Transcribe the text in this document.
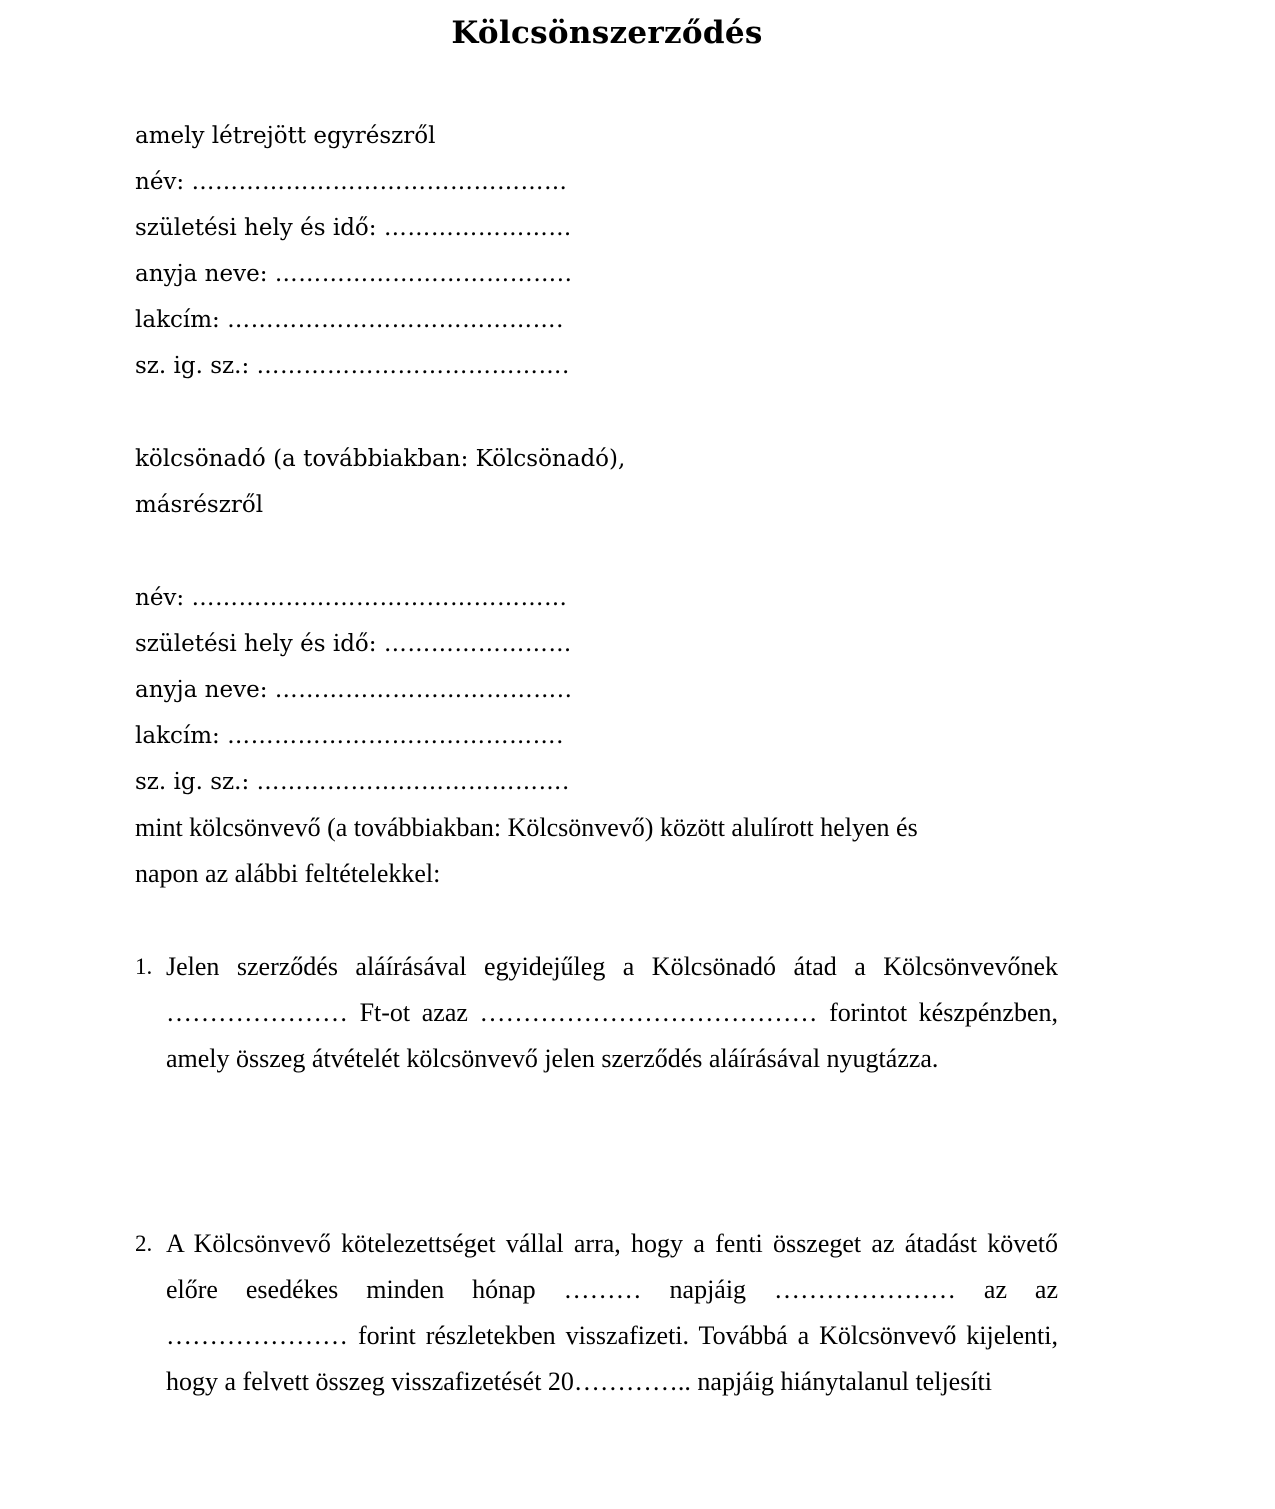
Kölcsönszerződés
amely létrejött egyrészről
név: …………………………………………
születési hely és idő: ……………………
anyja neve: ………………………………..
lakcím: …………………………………….
sz. ig. sz.: ………………………………….
kölcsönadó (a továbbiakban: Kölcsönadó),
másrészről
név: …………………………………………
születési hely és idő: ……………………
anyja neve: ………………………………..
lakcím: …………………………………….
sz. ig. sz.: ………………………………….
mint kölcsönvevő (a továbbiakban: Kölcsönvevő) között alulírott helyen és
napon az alábbi feltételekkel:
1. Jelen szerződés aláírásával egyidejűleg a Kölcsönadó átad a Kölcsönvevőnek ………………… Ft-ot azaz ………………………………… forintot készpénzben, amely összeg átvételét kölcsönvevő jelen szerződés aláírásával nyugtázza.
2. A Kölcsönvevő kötelezettséget vállal arra, hogy a fenti összeget az átadást követő előre esedékes minden hónap ……… napjáig ………………… az az ………………… forint részletekben visszafizeti. Továbbá a Kölcsönvevő kijelenti, hogy a felvett összeg visszafizetését 20………….. napjáig hiánytalanul teljesíti
